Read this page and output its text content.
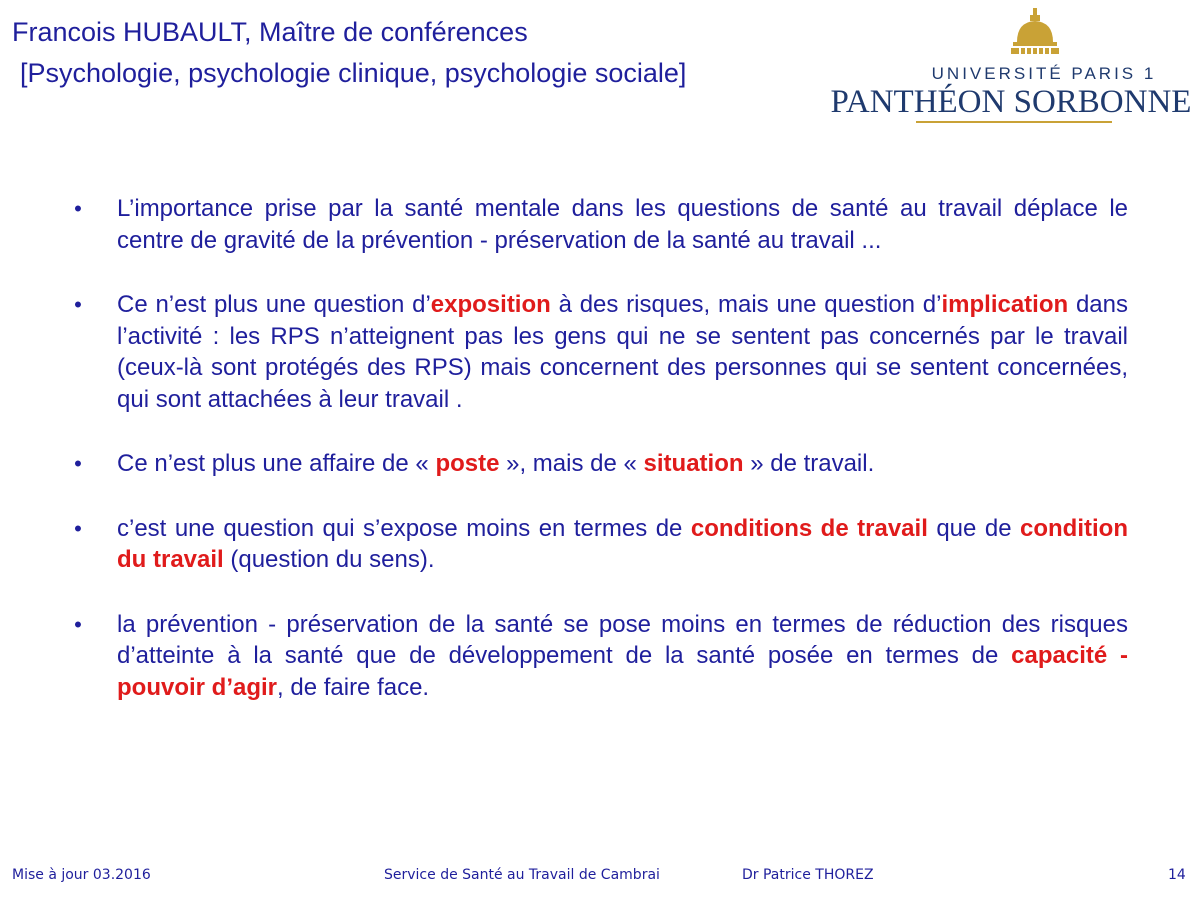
Francois HUBAULT, Maître de conférences
[Psychologie, psychologie clinique, psychologie sociale]	UNIVERSITÉ PARIS 1
PANTHÉON SORBONNE
• L’importance prise par la santé mentale dans les questions de santé au travail déplace le centre de gravité de la prévention - préservation de la santé au travail ...
• Ce n’est plus une question d’exposition à des risques, mais une question d’implication dans l’activité : les RPS n’atteignent pas les gens qui ne se sentent pas concernés par le travail (ceux-là sont protégés des RPS) mais concernent des personnes qui se sentent concernées, qui sont attachées à leur travail .
• Ce n’est plus une affaire de « poste », mais de « situation » de travail.
• c’est une question qui s’expose moins en termes de conditions de travail que de condition du travail (question du sens).
• la prévention - préservation de la santé se pose moins en termes de réduction des risques d’atteinte à la santé que de développement de la santé posée en termes de capacité - pouvoir d’agir, de faire face.
Mise à jour 03.2016	Service de Santé au Travail de Cambrai	Dr Patrice THOREZ	14
